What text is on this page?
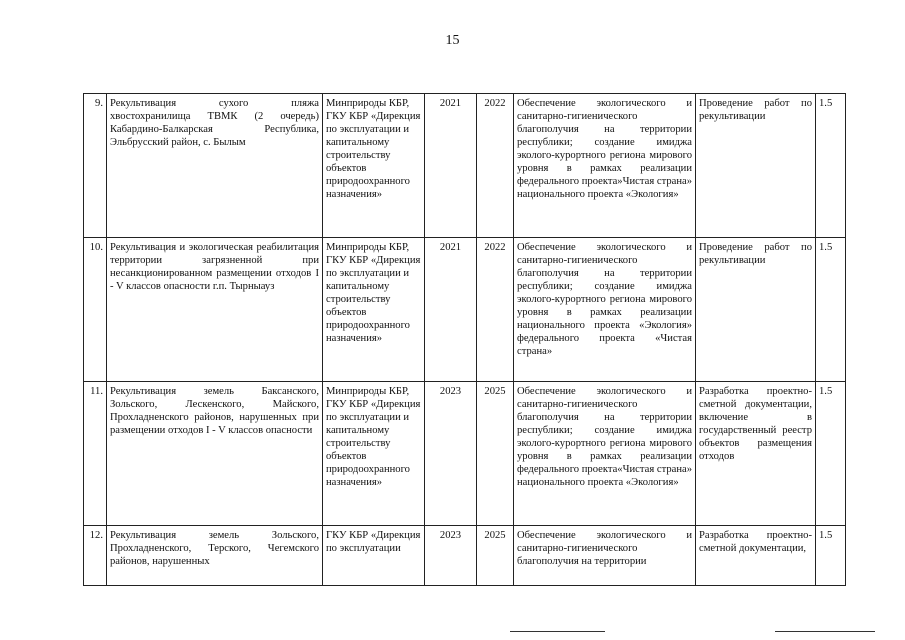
15
9.	Рекультивация сухого пляжа хвостохранилища ТВМК (2 очередь) Кабардино-Балкарская Республика, Эльбрусский район, с. Былым	Минприроды КБР, ГКУ КБР «Дирекция по эксплуатации и капитальному строительству объектов природоохранного назначения»	2021	2022	Обеспечение экологического и санитарно-гигиенического благополучия на территории республики; создание имиджа эколого-курортного региона мирового уровня в рамках реализации федерального проекта»Чистая страна» национального проекта «Экология»	Проведение работ по рекультивации	1.5
10.	Рекультивация и экологическая реабилитация территории загрязненной при несанкционированном размещении отходов I - V классов опасности г.п. Тырныауз	Минприроды КБР, ГКУ КБР «Дирекция по эксплуатации и капитальному строительству объектов природоохранного назначения»	2021	2022	Обеспечение экологического и санитарно-гигиенического благополучия на территории республики; создание имиджа эколого-курортного региона мирового уровня в рамках реализации национального проекта «Экология» федерального проекта «Чистая страна»	Проведение работ по рекультивации	1.5
11.	Рекультивация земель Баксанского, Зольского, Лескенского, Майского, Прохладненского районов, нарушенных при размещении отходов I - V классов опасности	Минприроды КБР, ГКУ КБР «Дирекция по эксплуатации и капитальному строительству объектов природоохранного назначения»	2023	2025	Обеспечение экологического и санитарно-гигиенического благополучия на территории республики; создание имиджа эколого-курортного региона мирового уровня в рамках реализации федерального проекта«Чистая страна» национального проекта «Экология»	Разработка проектно-сметной документации, включение в государственный реестр объектов размещения отходов	1.5
12.	Рекультивация земель Зольского, Прохладненского, Терского, Чегемского районов, нарушенных	ГКУ КБР «Дирекция по эксплуатации	2023	2025	Обеспечение экологического и санитарно-гигиенического благополучия на территории	Разработка проектно-сметной документации,	1.5
